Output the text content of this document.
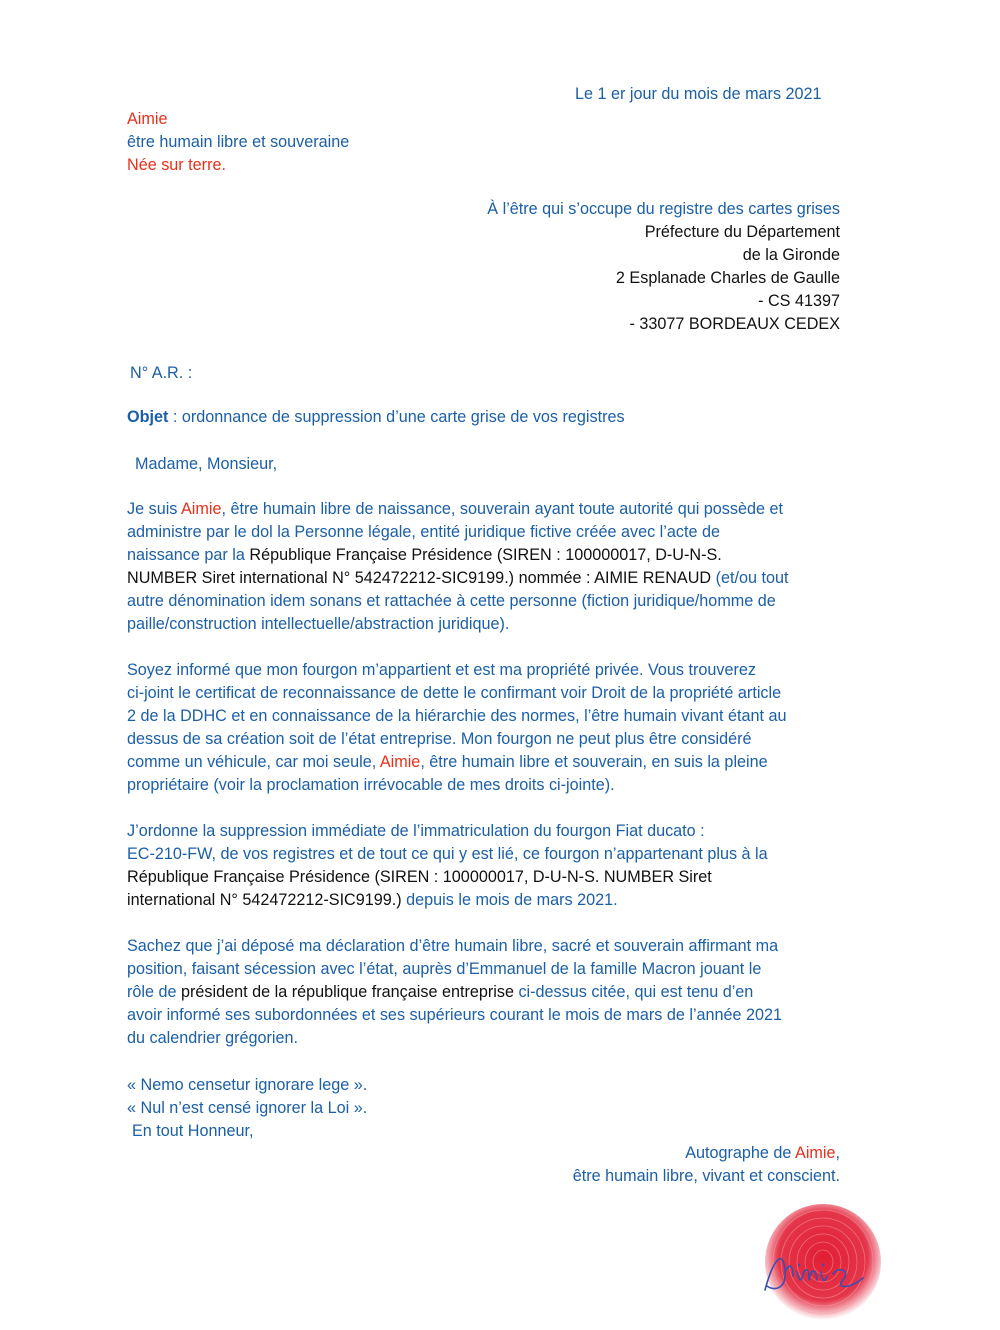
Le 1 er jour du mois de mars 2021
Aimie
être humain libre et souveraine
Née sur terre.
À l’être qui s’occupe du registre des cartes grises
Préfecture du Département
de la Gironde
2 Esplanade Charles de Gaulle
- CS 41397
- 33077 BORDEAUX CEDEX
N° A.R. :
Objet : ordonnance de suppression d’une carte grise de vos registres
Madame, Monsieur,
Je suis Aimie, être humain libre de naissance, souverain ayant toute autorité qui possède et
administre par le dol la Personne légale, entité juridique fictive créée avec l’acte de
naissance par la République Française Présidence (SIREN : 100000017, D-U-N-S.
NUMBER Siret international N° 542472212-SIC9199.) nommée : AIMIE RENAUD (et/ou tout
autre dénomination idem sonans et rattachée à cette personne (fiction juridique/homme de
paille/construction intellectuelle/abstraction juridique).
Soyez informé que mon fourgon m’appartient et est ma propriété privée. Vous trouverez
ci-joint le certificat de reconnaissance de dette le confirmant voir Droit de la propriété article
2 de la DDHC et en connaissance de la hiérarchie des normes, l’être humain vivant étant au
dessus de sa création soit de l’état entreprise. Mon fourgon ne peut plus être considéré
comme un véhicule, car moi seule, Aimie, être humain libre et souverain, en suis la pleine
propriétaire (voir la proclamation irrévocable de mes droits ci-jointe).
J’ordonne la suppression immédiate de l’immatriculation du fourgon Fiat ducato :
EC-210-FW, de vos registres et de tout ce qui y est lié, ce fourgon n’appartenant plus à la
République Française Présidence (SIREN : 100000017, D-U-N-S. NUMBER Siret
international N° 542472212-SIC9199.) depuis le mois de mars 2021.
Sachez que j’ai déposé ma déclaration d’être humain libre, sacré et souverain affirmant ma
position, faisant sécession avec l’état, auprès d’Emmanuel de la famille Macron jouant le
rôle de président de la république française entreprise ci-dessus citée, qui est tenu d’en
avoir informé ses subordonnées et ses supérieurs courant le mois de mars de l’année 2021
du calendrier grégorien.
« Nemo censetur ignorare lege ».
« Nul n’est censé ignorer la Loi ».
En tout Honneur,
Autographe de Aimie,
être humain libre, vivant et conscient.
